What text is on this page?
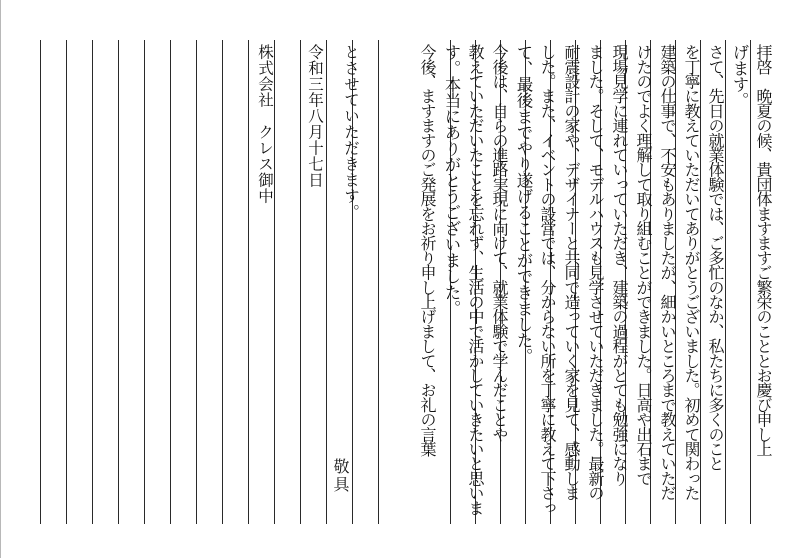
拝啓　晩夏の候、貴団体ますますご繁栄のこととお慶び申し上
げます。
さて、先日の就業体験では、ご多忙のなか、私たちに多くのこと
を丁寧に教えていただいてありがとうございました。初めて関わった
建築の仕事で、不安もありましたが、細かいところまで教えていただ
けたのでよく理解して取り組むことができました。日高や出石まで
現場見学に連れていっていただき、建築の過程がとても勉強になり
ました。そして、モデルハウスも見学させていただきました。最新の
耐震設計の家や、デザイナーと共同で造っていく家を見て、感動しま
した。また、イベントの設営では、分からない所を丁寧に教えて下さっ
て、最後までやり遂げることができました。
今後は、自らの進路実現に向けて、就業体験で学んだことや
教えていただいたことを忘れず、生活の中で活かしていきたいと思いま
す。本当にありがとうございました。
今後、ますますのご発展をお祈り申し上げまして、お礼の言葉
とさせていただきます。
令和三年八月十七日
株式会社　クレス御中
敬具
